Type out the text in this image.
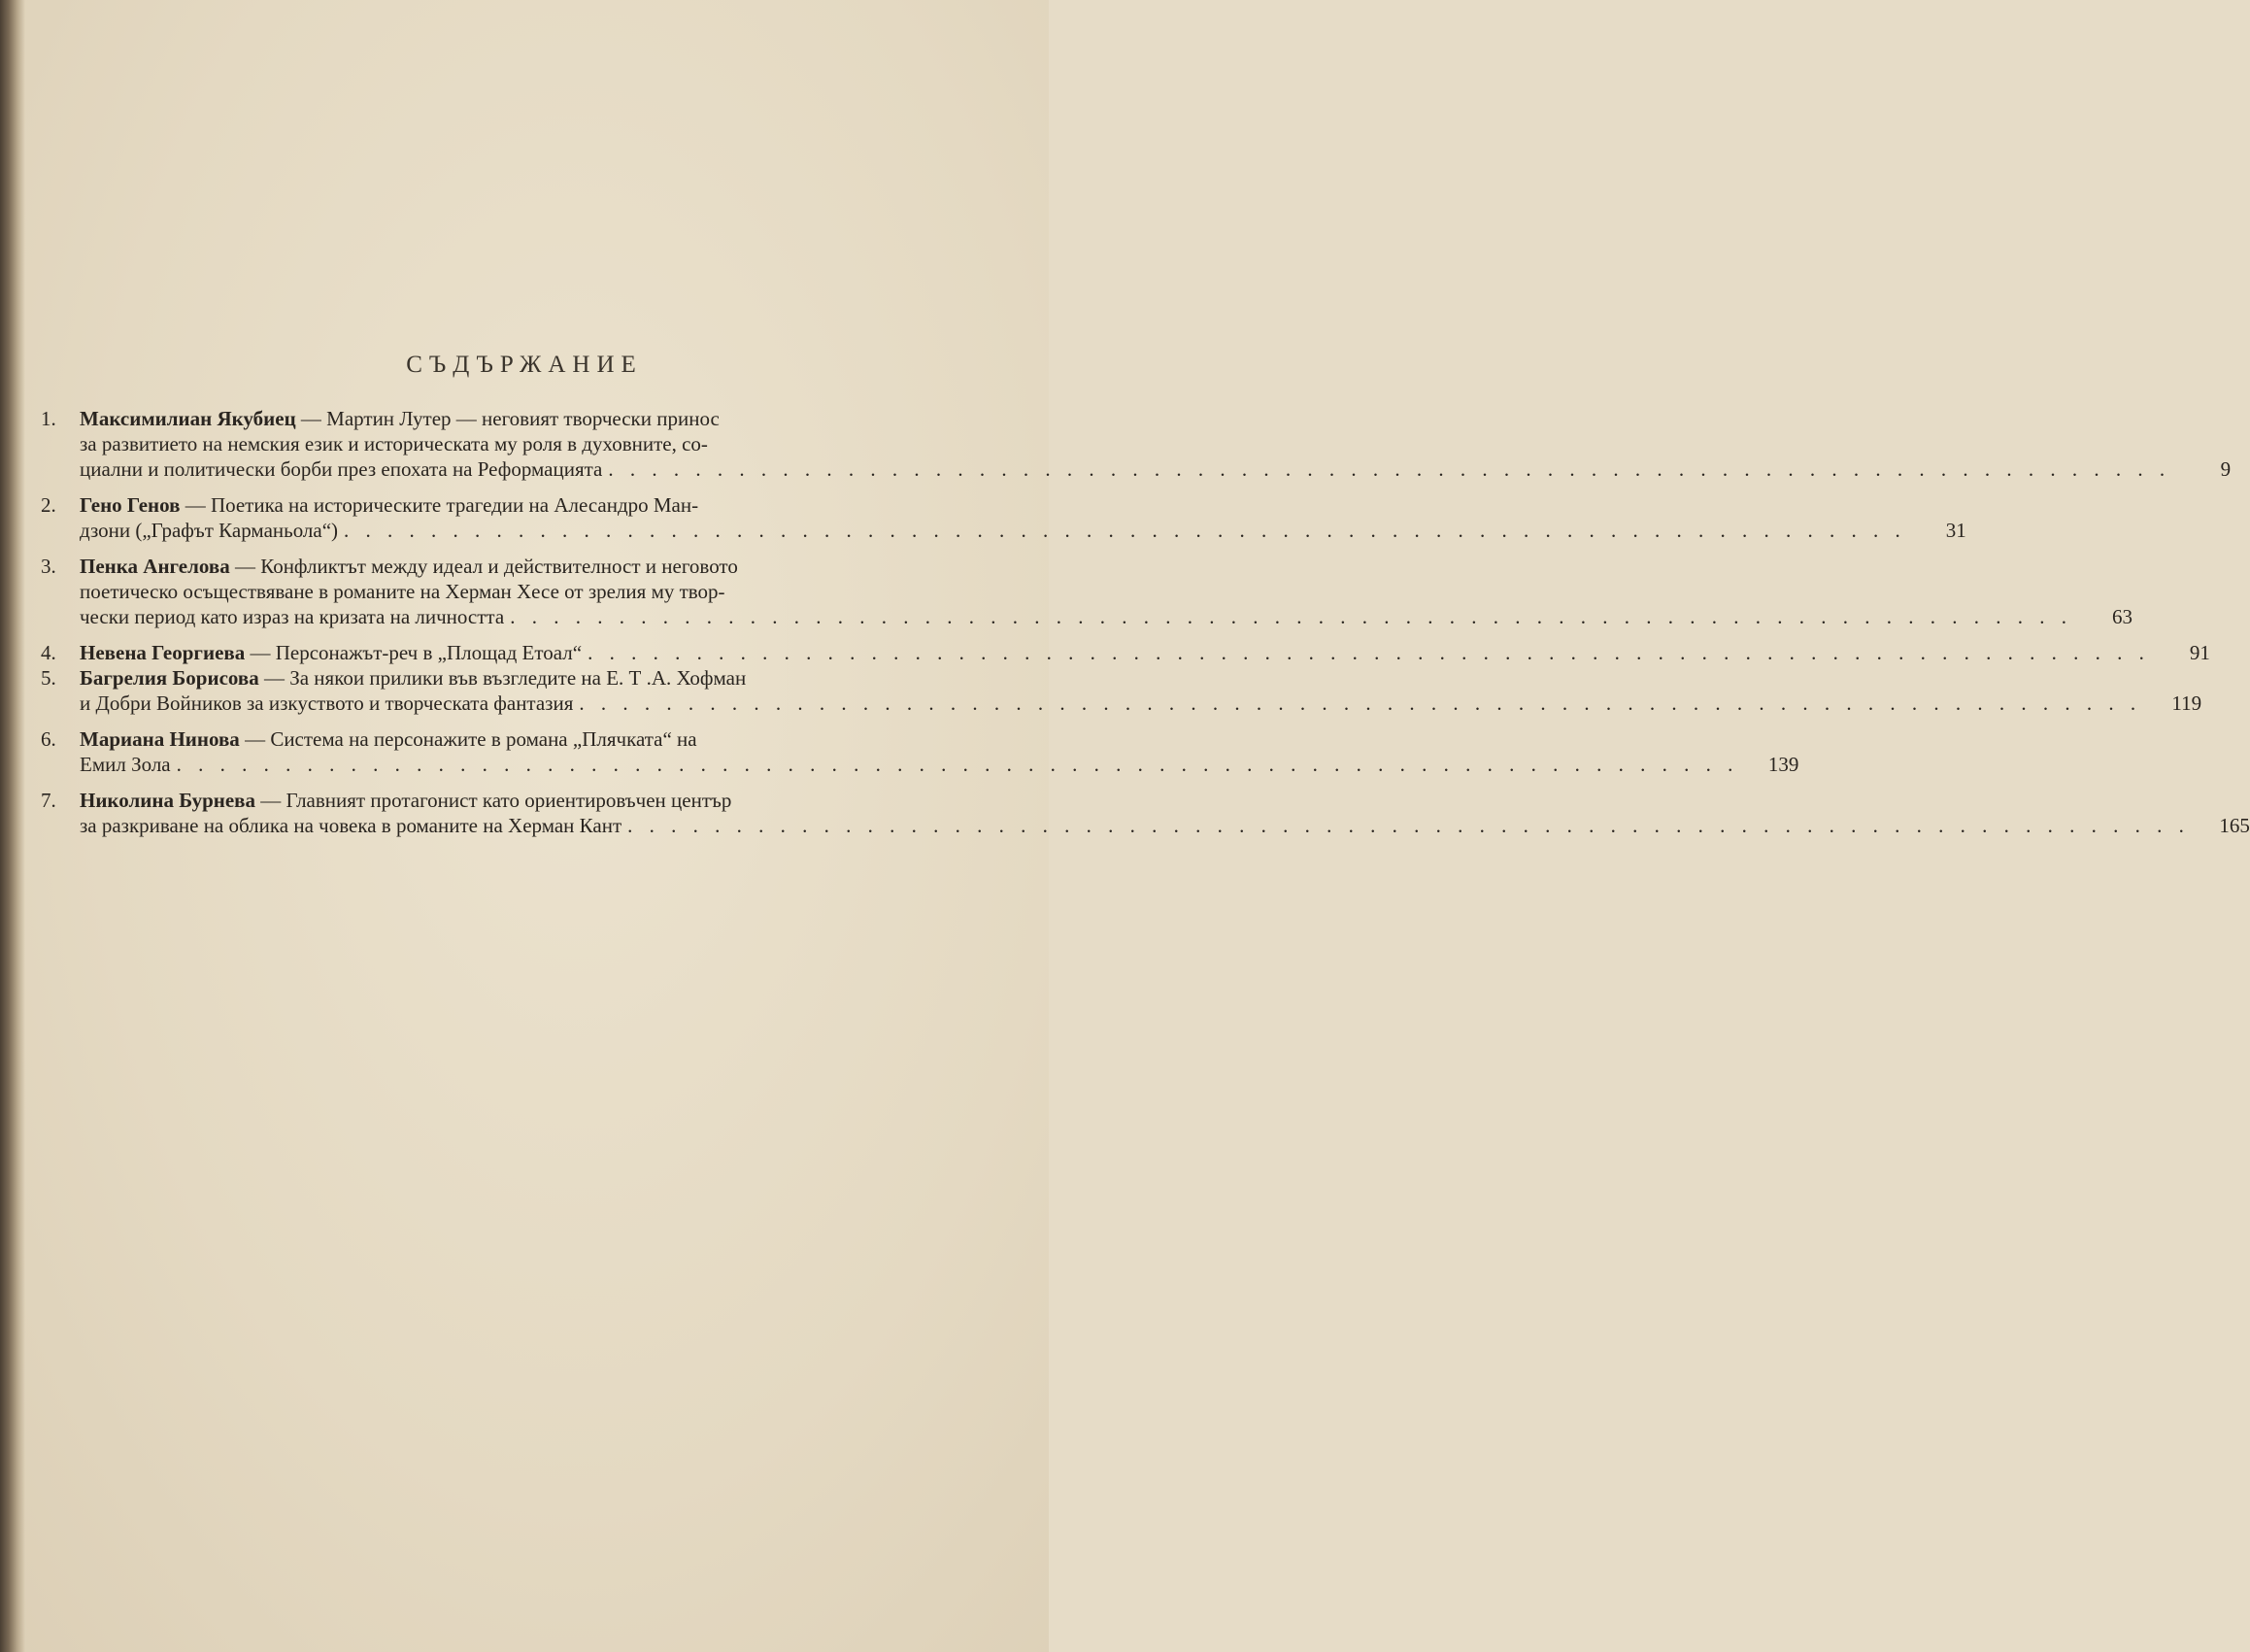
СЪДЪРЖАНИЕ
1.	Максимилиан Якубиец — Мартин Лутер — неговият творчески принос
за развитието на немския език и историческата му роля в духовните, со-
циални и политически борби през епохата на Реформацията . . .	9
2.	Гено Генов — Поетика на историческите трагедии на Алесандро Ман-
дзони („Графът Карманьола“) . . .	31
3.	Пенка Ангелова — Конфликтът между идеал и действителност и неговото
поетическо осъществяване в романите на Херман Хесе от зрелия му твор-
чески период като израз на кризата на личността . . .	63
4.	Невена Георгиева — Персонажът-реч в „Площад Етоал“ . . .	91
5.	Багрелия Борисова — За някои прилики във възгледите на Е. Т .А. Хофман
и Добри Войников за изкуството и творческата фантазия . . .	119
6.	Мариана Нинова — Система на персонажите в романа „Плячката“ на
Емил Зола . . .	139
7.	Николина Бурнева — Главният протагонист като ориентировъчен център
за разкриване на облика на човека в романите на Херман Кант . . .	165
